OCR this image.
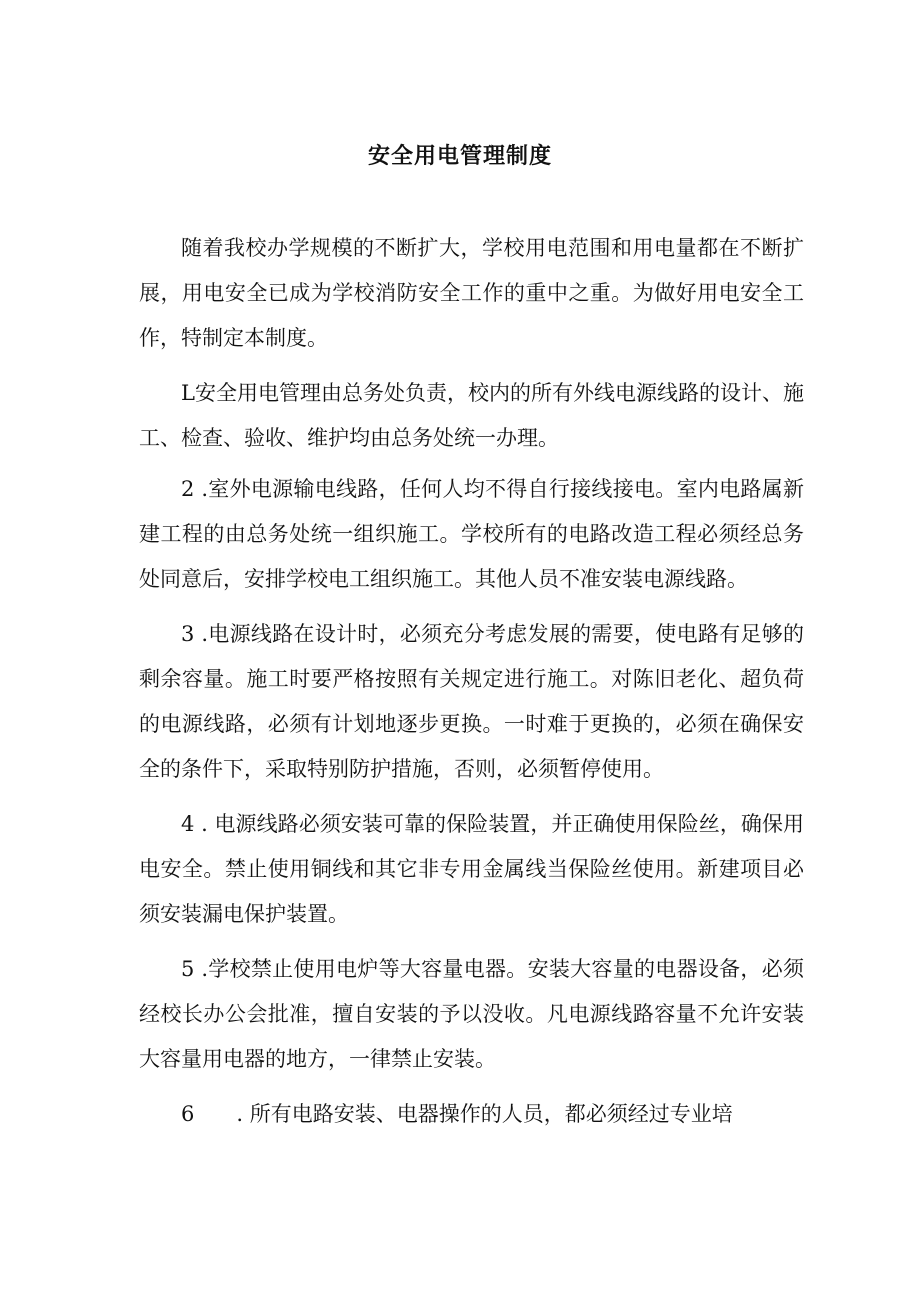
安全用电管理制度

随着我校办学规模的不断扩大，学校用电范围和用电量都在不断扩展，用电安全已成为学校消防安全工作的重中之重。为做好用电安全工作，特制定本制度。

L安全用电管理由总务处负责，校内的所有外线电源线路的设计、施工、检查、验收、维护均由总务处统一办理。

2 .室外电源输电线路，任何人均不得自行接线接电。室内电路属新建工程的由总务处统一组织施工。学校所有的电路改造工程必须经总务处同意后，安排学校电工组织施工。其他人员不准安装电源线路。

3 .电源线路在设计时，必须充分考虑发展的需要，使电路有足够的剩余容量。施工时要严格按照有关规定进行施工。对陈旧老化、超负荷的电源线路，必须有计划地逐步更换。一时难于更换的，必须在确保安全的条件下，采取特别防护措施，否则，必须暂停使用。

4 . 电源线路必须安装可靠的保险装置，并正确使用保险丝，确保用电安全。禁止使用铜线和其它非专用金属线当保险丝使用。新建项目必须安装漏电保护装置。

5 .学校禁止使用电炉等大容量电器。安装大容量的电器设备，必须经校长办公会批准，擅自安装的予以没收。凡电源线路容量不允许安装大容量用电器的地方，一律禁止安装。

6　　. 所有电路安装、电器操作的人员，都必须经过专业培
